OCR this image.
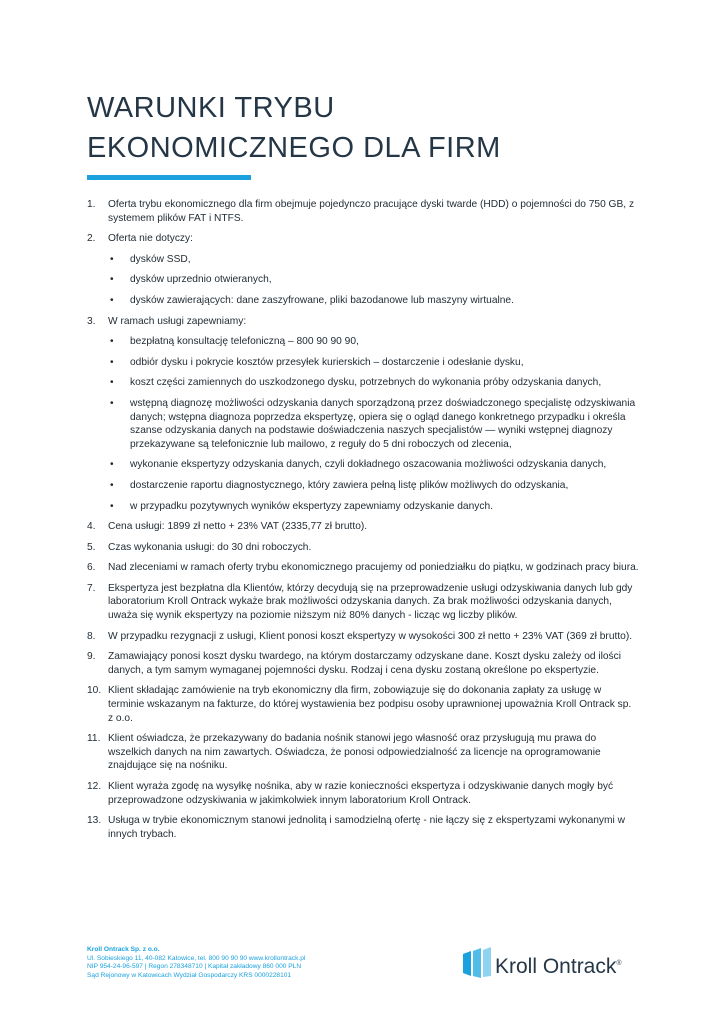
WARUNKI TRYBU
EKONOMICZNEGO DLA FIRM
1. Oferta trybu ekonomicznego dla firm obejmuje pojedynczo pracujące dyski twarde (HDD) o pojemności do 750 GB, z systemem plików FAT i NTFS.
2. Oferta nie dotyczy:
• dysków SSD,
• dysków uprzednio otwieranych,
• dysków zawierających: dane zaszyfrowane, pliki bazodanowe lub maszyny wirtualne.
3. W ramach usługi zapewniamy:
• bezpłatną konsultację telefoniczną – 800 90 90 90,
• odbiór dysku i pokrycie kosztów przesyłek kurierskich – dostarczenie i odesłanie dysku,
• koszt części zamiennych do uszkodzonego dysku, potrzebnych do wykonania próby odzyskania danych,
• wstępną diagnozę możliwości odzyskania danych sporządzoną przez doświadczonego specjalistę odzyskiwania danych; wstępna diagnoza poprzedza ekspertyzę, opiera się o ogląd danego konkretnego przypadku i określa szanse odzyskania danych na podstawie doświadczenia naszych specjalistów — wyniki wstępnej diagnozy przekazywane są telefonicznie lub mailowo, z reguły do 5 dni roboczych od zlecenia,
• wykonanie ekspertyzy odzyskania danych, czyli dokładnego oszacowania możliwości odzyskania danych,
• dostarczenie raportu diagnostycznego, który zawiera pełną listę plików możliwych do odzyskania,
• w przypadku pozytywnych wyników ekspertyzy zapewniamy odzyskanie danych.
4. Cena usługi: 1899 zł netto + 23% VAT (2335,77 zł brutto).
5. Czas wykonania usługi: do 30 dni roboczych.
6. Nad zleceniami w ramach oferty trybu ekonomicznego pracujemy od poniedziałku do piątku, w godzinach pracy biura.
7. Ekspertyza jest bezpłatna dla Klientów, którzy decydują się na przeprowadzenie usługi odzyskiwania danych lub gdy laboratorium Kroll Ontrack wykaże brak możliwości odzyskania danych. Za brak możliwości odzyskania danych, uważa się wynik ekspertyzy na poziomie niższym niż 80% danych - licząc wg liczby plików.
8. W przypadku rezygnacji z usługi, Klient ponosi koszt ekspertyzy w wysokości 300 zł netto + 23% VAT (369 zł brutto).
9. Zamawiający ponosi koszt dysku twardego, na którym dostarczamy odzyskane dane. Koszt dysku zależy od ilości danych, a tym samym wymaganej pojemności dysku. Rodzaj i cena dysku zostaną określone po ekspertyzie.
10. Klient składając zamówienie na tryb ekonomiczny dla firm, zobowiązuje się do dokonania zapłaty za usługę w terminie wskazanym na fakturze, do której wystawienia bez podpisu osoby uprawnionej upoważnia Kroll Ontrack sp. z o.o.
11. Klient oświadcza, że przekazywany do badania nośnik stanowi jego własność oraz przysługują mu prawa do wszelkich danych na nim zawartych. Oświadcza, że ponosi odpowiedzialność za licencje na oprogramowanie znajdujące się na nośniku.
12. Klient wyraża zgodę na wysyłkę nośnika, aby w razie konieczności ekspertyza i odzyskiwanie danych mogły być przeprowadzone odzyskiwania w jakimkolwiek innym laboratorium Kroll Ontrack.
13. Usługa w trybie ekonomicznym stanowi jednolitą i samodzielną ofertę - nie łączy się z ekspertyzami wykonanymi w innych trybach.
Kroll Ontrack Sp. z o.o.
Ul. Sobieskiego 11, 40-082 Katowice, tel. 800 90 90 90 www.krollontrack.pl
NIP 954-24-96-597 | Regon 278348710 | Kapitał zakładowy 860 000 PLN
Sąd Rejonowy w Katowicach Wydział Gospodarczy KRS 0000228101	Kroll Ontrack®
